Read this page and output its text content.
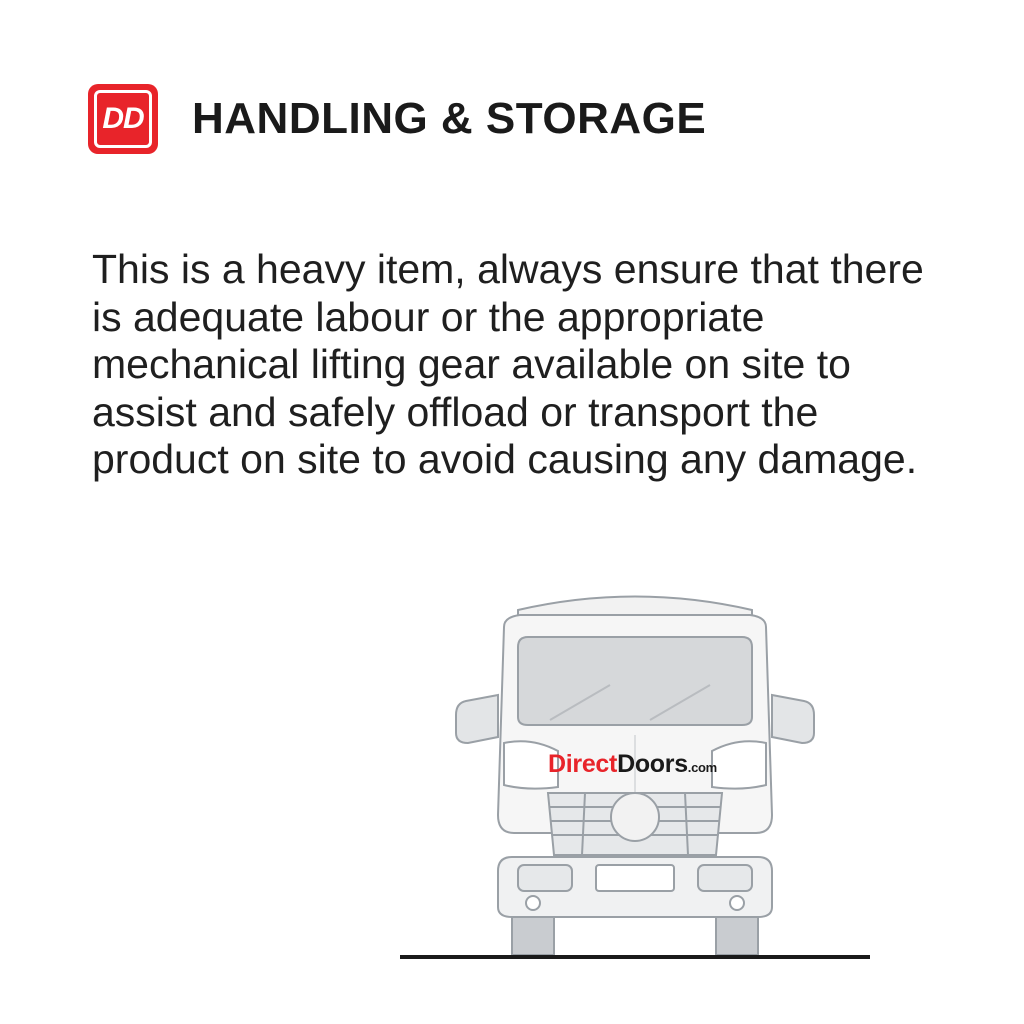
DD HANDLING & STORAGE
This is a heavy item, always ensure that there is adequate labour or the appropriate mechanical lifting gear available on site to assist and safely offload or transport the product on site to avoid causing any damage.
DirectDoors.com
